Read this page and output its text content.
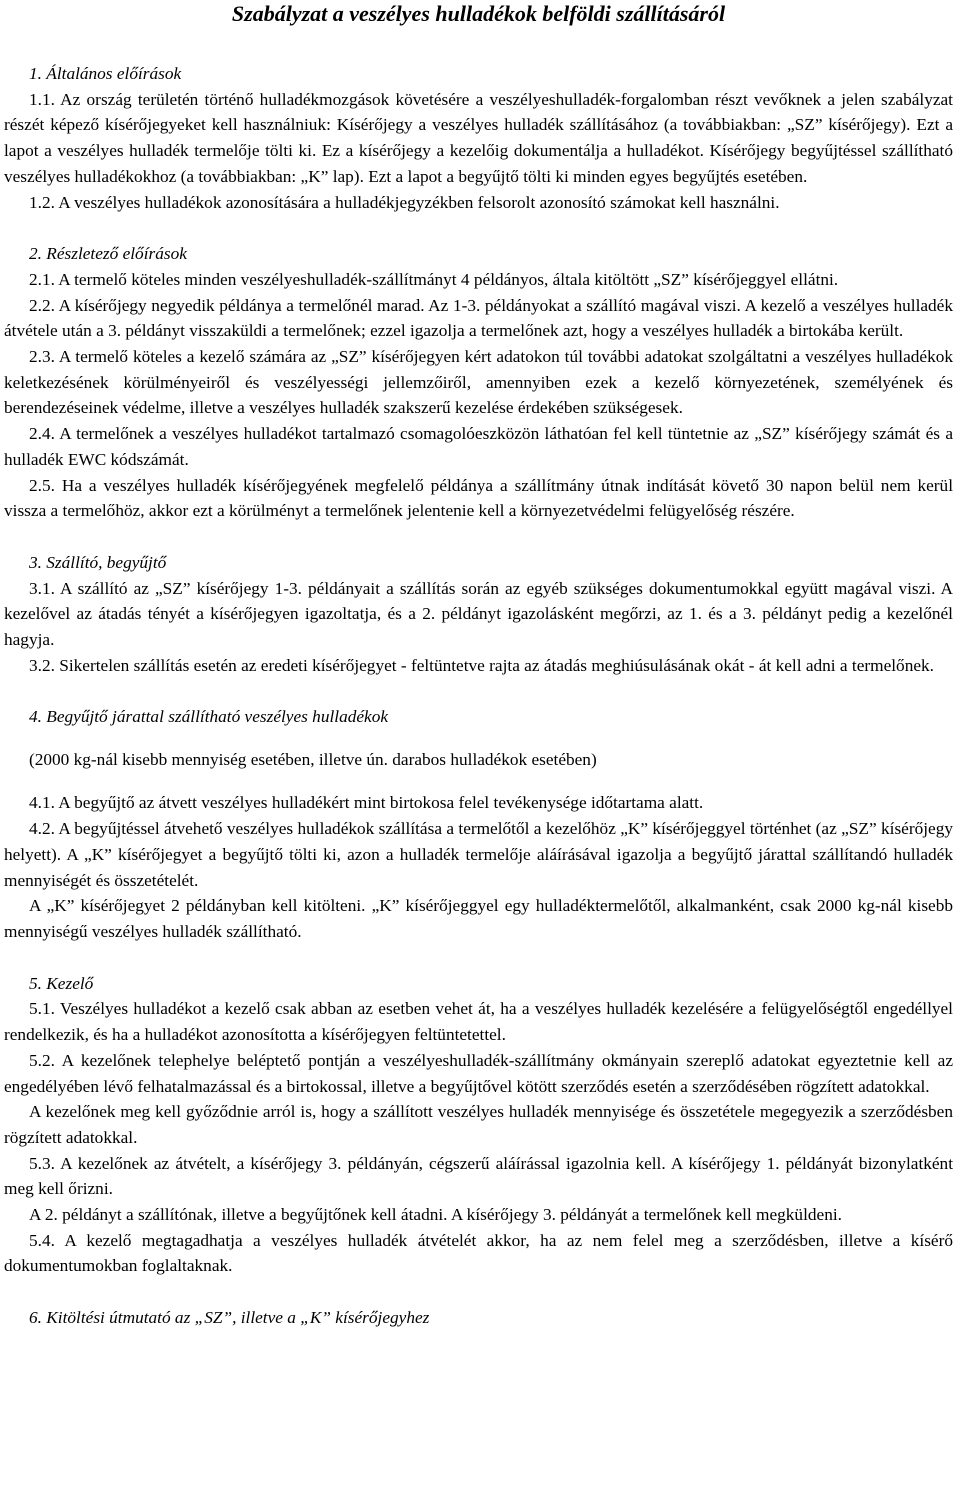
Szabályzat a veszélyes hulladékok belföldi szállításáról

1. Általános előírások

1.1. Az ország területén történő hulladékmozgások követésére a veszélyeshulladék-forgalomban részt vevőknek a jelen szabályzat részét képező kísérőjegyeket kell használniuk: Kísérőjegy a veszélyes hulladék szállításához (a továbbiakban: „SZ” kísérőjegy). Ezt a lapot a veszélyes hulladék termelője tölti ki. Ez a kísérőjegy a kezelőig dokumentálja a hulladékot. Kísérőjegy begyűjtéssel szállítható veszélyes hulladékokhoz (a továbbiakban: „K” lap). Ezt a lapot a begyűjtő tölti ki minden egyes begyűjtés esetében.

1.2. A veszélyes hulladékok azonosítására a hulladékjegyzékben felsorolt azonosító számokat kell használni.

2. Részletező előírások

2.1. A termelő köteles minden veszélyeshulladék-szállítmányt 4 példányos, általa kitöltött „SZ” kísérőjeggyel ellátni.

2.2. A kísérőjegy negyedik példánya a termelőnél marad. Az 1-3. példányokat a szállító magával viszi. A kezelő a veszélyes hulladék átvétele után a 3. példányt visszaküldi a termelőnek; ezzel igazolja a termelőnek azt, hogy a veszélyes hulladék a birtokába került.

2.3. A termelő köteles a kezelő számára az „SZ” kísérőjegyen kért adatokon túl további adatokat szolgáltatni a veszélyes hulladékok keletkezésének körülményeiről és veszélyességi jellemzőiről, amennyiben ezek a kezelő környezetének, személyének és berendezéseinek védelme, illetve a veszélyes hulladék szakszerű kezelése érdekében szükségesek.

2.4. A termelőnek a veszélyes hulladékot tartalmazó csomagolóeszközön láthatóan fel kell tüntetnie az „SZ” kísérőjegy számát és a hulladék EWC kódszámát.

2.5. Ha a veszélyes hulladék kísérőjegyének megfelelő példánya a szállítmány útnak indítását követő 30 napon belül nem kerül vissza a termelőhöz, akkor ezt a körülményt a termelőnek jelentenie kell a környezetvédelmi felügyelőség részére.

3. Szállító, begyűjtő

3.1. A szállító az „SZ” kísérőjegy 1-3. példányait a szállítás során az egyéb szükséges dokumentumokkal együtt magával viszi. A kezelővel az átadás tényét a kísérőjegyen igazoltatja, és a 2. példányt igazolásként megőrzi, az 1. és a 3. példányt pedig a kezelőnél hagyja.

3.2. Sikertelen szállítás esetén az eredeti kísérőjegyet - feltüntetve rajta az átadás meghiúsulásának okát - át kell adni a termelőnek.

4. Begyűjtő járattal szállítható veszélyes hulladékok

(2000 kg-nál kisebb mennyiség esetében, illetve ún. darabos hulladékok esetében)

4.1. A begyűjtő az átvett veszélyes hulladékért mint birtokosa felel tevékenysége időtartama alatt.

4.2. A begyűjtéssel átvehető veszélyes hulladékok szállítása a termelőtől a kezelőhöz „K” kísérőjeggyel történhet (az „SZ” kísérőjegy helyett). A „K” kísérőjegyet a begyűjtő tölti ki, azon a hulladék termelője aláírásával igazolja a begyűjtő járattal szállítandó hulladék mennyiségét és összetételét.

A „K” kísérőjegyet 2 példányban kell kitölteni. „K” kísérőjeggyel egy hulladéktermelőtől, alkalmanként, csak 2000 kg-nál kisebb mennyiségű veszélyes hulladék szállítható.

5. Kezelő

5.1. Veszélyes hulladékot a kezelő csak abban az esetben vehet át, ha a veszélyes hulladék kezelésére a felügyelőségtől engedéllyel rendelkezik, és ha a hulladékot azonosította a kísérőjegyen feltüntetettel.

5.2. A kezelőnek telephelye beléptető pontján a veszélyeshulladék-szállítmány okmányain szereplő adatokat egyeztetnie kell az engedélyében lévő felhatalmazással és a birtokossal, illetve a begyűjtővel kötött szerződés esetén a szerződésében rögzített adatokkal.

A kezelőnek meg kell győződnie arról is, hogy a szállított veszélyes hulladék mennyisége és összetétele megegyezik a szerződésben rögzített adatokkal.

5.3. A kezelőnek az átvételt, a kísérőjegy 3. példányán, cégszerű aláírással igazolnia kell. A kísérőjegy 1. példányát bizonylatként meg kell őrizni.

A 2. példányt a szállítónak, illetve a begyűjtőnek kell átadni. A kísérőjegy 3. példányát a termelőnek kell megküldeni.

5.4. A kezelő megtagadhatja a veszélyes hulladék átvételét akkor, ha az nem felel meg a szerződésben, illetve a kísérő dokumentumokban foglaltaknak.

6. Kitöltési útmutató az „SZ”, illetve a „K” kísérőjegyhez
